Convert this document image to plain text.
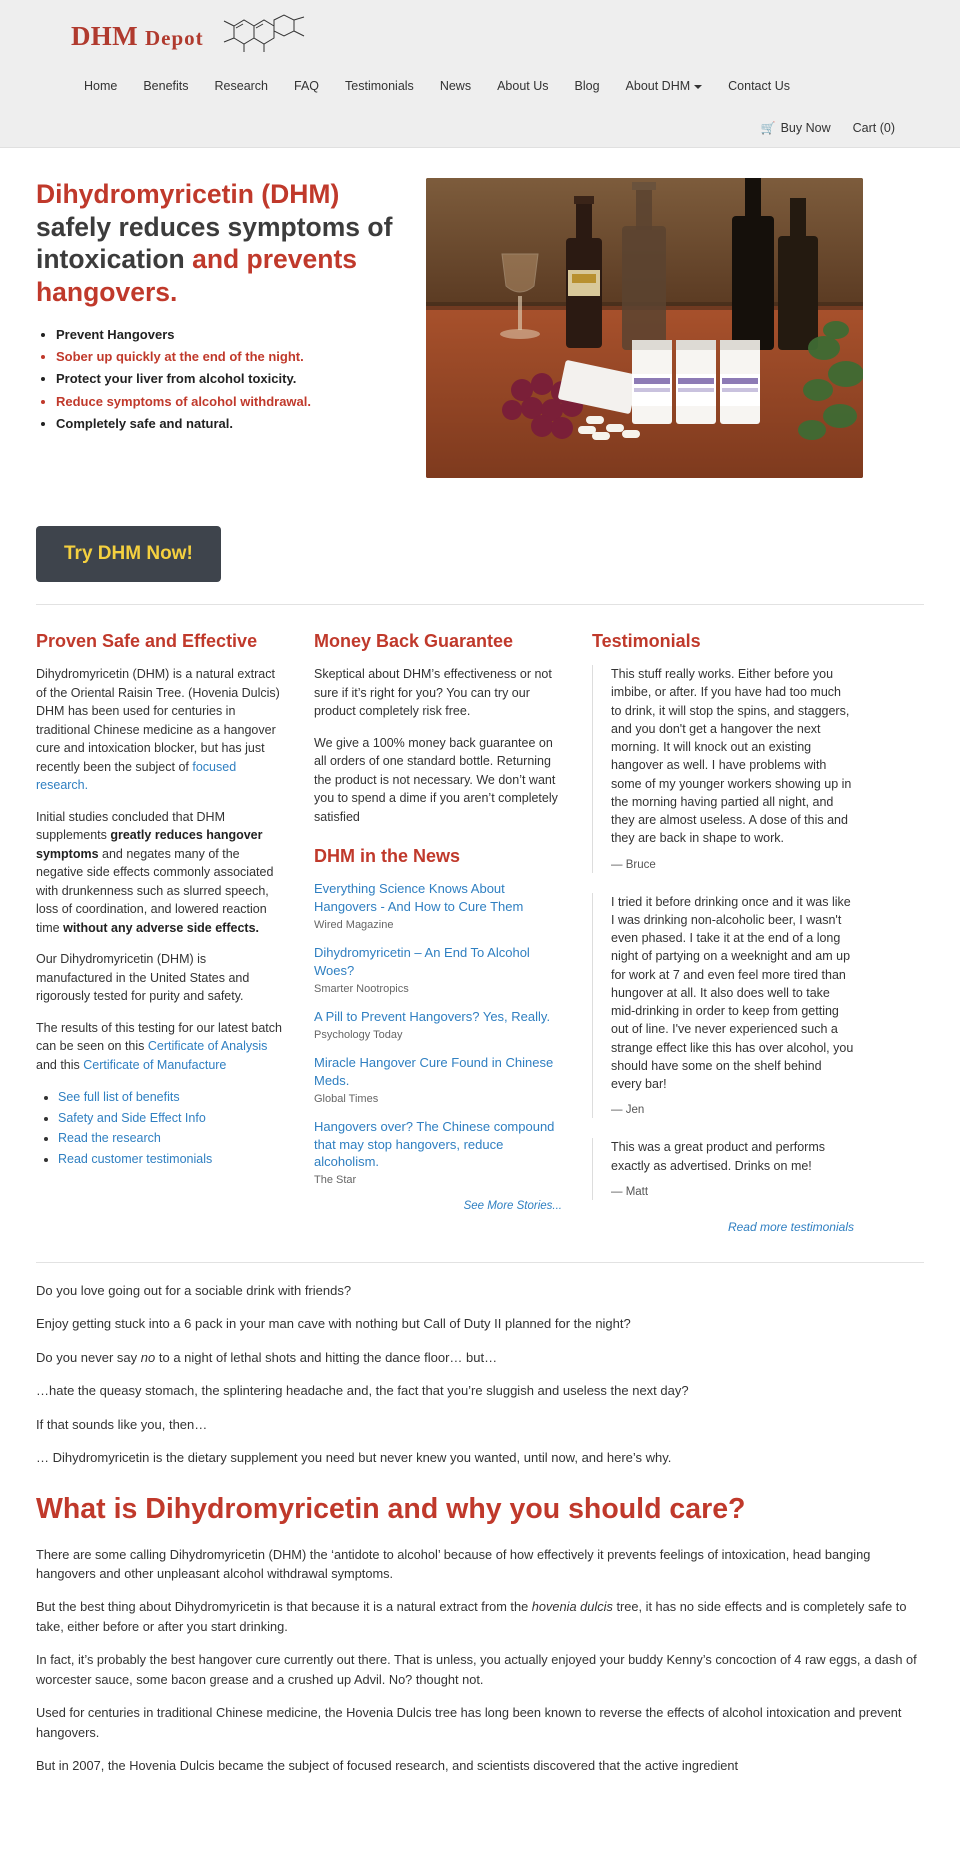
DHM Depot
Home	Benefits	Research	FAQ	Testimonials	News	About Us	Blog	About DHM	Contact Us
🛒 Buy Now Cart (0)
Dihydromyricetin (DHM) safely reduces symptoms of intoxication and prevents hangovers.
• Prevent Hangovers
• Sober up quickly at the end of the night.
• Protect your liver from alcohol toxicity.
• Reduce symptoms of alcohol withdrawal.
• Completely safe and natural.
Try DHM Now!
Proven Safe and Effective

Dihydromyricetin (DHM) is a natural extract of the Oriental Raisin Tree. (Hovenia Dulcis) DHM has been used for centuries in traditional Chinese medicine as a hangover cure and intoxication blocker, but has just recently been the subject of focused research.

Initial studies concluded that DHM supplements greatly reduces hangover symptoms and negates many of the negative side effects commonly associated with drunkenness such as slurred speech, loss of coordination, and lowered reaction time without any adverse side effects.

Our Dihydromyricetin (DHM) is manufactured in the United States and rigorously tested for purity and safety.

The results of this testing for our latest batch can be seen on this Certificate of Analysis and this Certificate of Manufacture

• See full list of benefits
• Safety and Side Effect Info
• Read the research
• Read customer testimonials
Money Back Guarantee

Skeptical about DHM’s effectiveness or not sure if it’s right for you? You can try our product completely risk free.

We give a 100% money back guarantee on all orders of one standard bottle. Returning the product is not necessary. We don’t want you to spend a dime if you aren’t completely satisfied

DHM in the News
Everything Science Knows About Hangovers - And How to Cure Them
Wired Magazine
Dihydromyricetin – An End To Alcohol Woes?
Smarter Nootropics
A Pill to Prevent Hangovers? Yes, Really.
Psychology Today
Miracle Hangover Cure Found in Chinese Meds.
Global Times
Hangovers over? The Chinese compound that may stop hangovers, reduce alcoholism.
The Star
See More Stories...
Testimonials

This stuff really works. Either before you imbibe, or after. If you have had too much to drink, it will stop the spins, and staggers, and you don't get a hangover the next morning. It will knock out an existing hangover as well. I have problems with some of my younger workers showing up in the morning having partied all night, and they are almost useless. A dose of this and they are back in shape to work.

— Bruce

I tried it before drinking once and it was like I was drinking non-alcoholic beer, I wasn't even phased. I take it at the end of a long night of partying on a weeknight and am up for work at 7 and even feel more tired than hungover at all. It also does well to take mid-drinking in order to keep from getting out of line. I've never experienced such a strange effect like this has over alcohol, you should have some on the shelf behind every bar!

— Jen

This was a great product and performs exactly as advertised. Drinks on me!

— Matt
Read more testimonials

Do you love going out for a sociable drink with friends?

Enjoy getting stuck into a 6 pack in your man cave with nothing but Call of Duty II planned for the night?

Do you never say no to a night of lethal shots and hitting the dance floor… but…

…hate the queasy stomach, the splintering headache and, the fact that you’re sluggish and useless the next day?

If that sounds like you, then…

… Dihydromyricetin is the dietary supplement you need but never knew you wanted, until now, and here’s why.

What is Dihydromyricetin and why you should care?

There are some calling Dihydromyricetin (DHM) the ‘antidote to alcohol’ because of how effectively it prevents feelings of intoxication, head banging hangovers and other unpleasant alcohol withdrawal symptoms.

But the best thing about Dihydromyricetin is that because it is a natural extract from the hovenia dulcis tree, it has no side effects and is completely safe to take, either before or after you start drinking.

In fact, it’s probably the best hangover cure currently out there. That is unless, you actually enjoyed your buddy Kenny’s concoction of 4 raw eggs, a dash of worcester sauce, some bacon grease and a crushed up Advil. No? thought not.

Used for centuries in traditional Chinese medicine, the Hovenia Dulcis tree has long been known to reverse the effects of alcohol intoxication and prevent hangovers.

But in 2007, the Hovenia Dulcis became the subject of focused research, and scientists discovered that the active ingredient
